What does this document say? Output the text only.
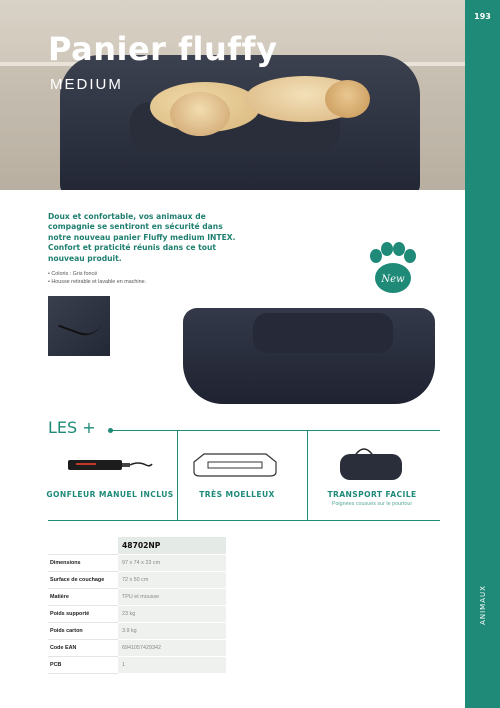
193
ANIMAUX
Panier fluffy
MEDIUM
Doux et confortable, vos animaux de compagnie se sentiront en sécurité dans notre nouveau panier Fluffy medium INTEX. Confort et praticité réunis dans ce tout nouveau produit.
• Coloris : Gris foncé
• Housse retirable et lavable en machine.	New
LES +
GONFLEUR MANUEL INCLUS	TRÈS MOELLEUX	TRANSPORT FACILE
Poignées cousues sur le pourtour
	48702NP
Dimensions	97 x 74 x 23 cm
Surface de couchage	72 x 50 cm
Matière	TPU et mousse
Poids supporté	23 kg
Poids carton	3.9 kg
Code EAN	6941057429342
PCB	1
